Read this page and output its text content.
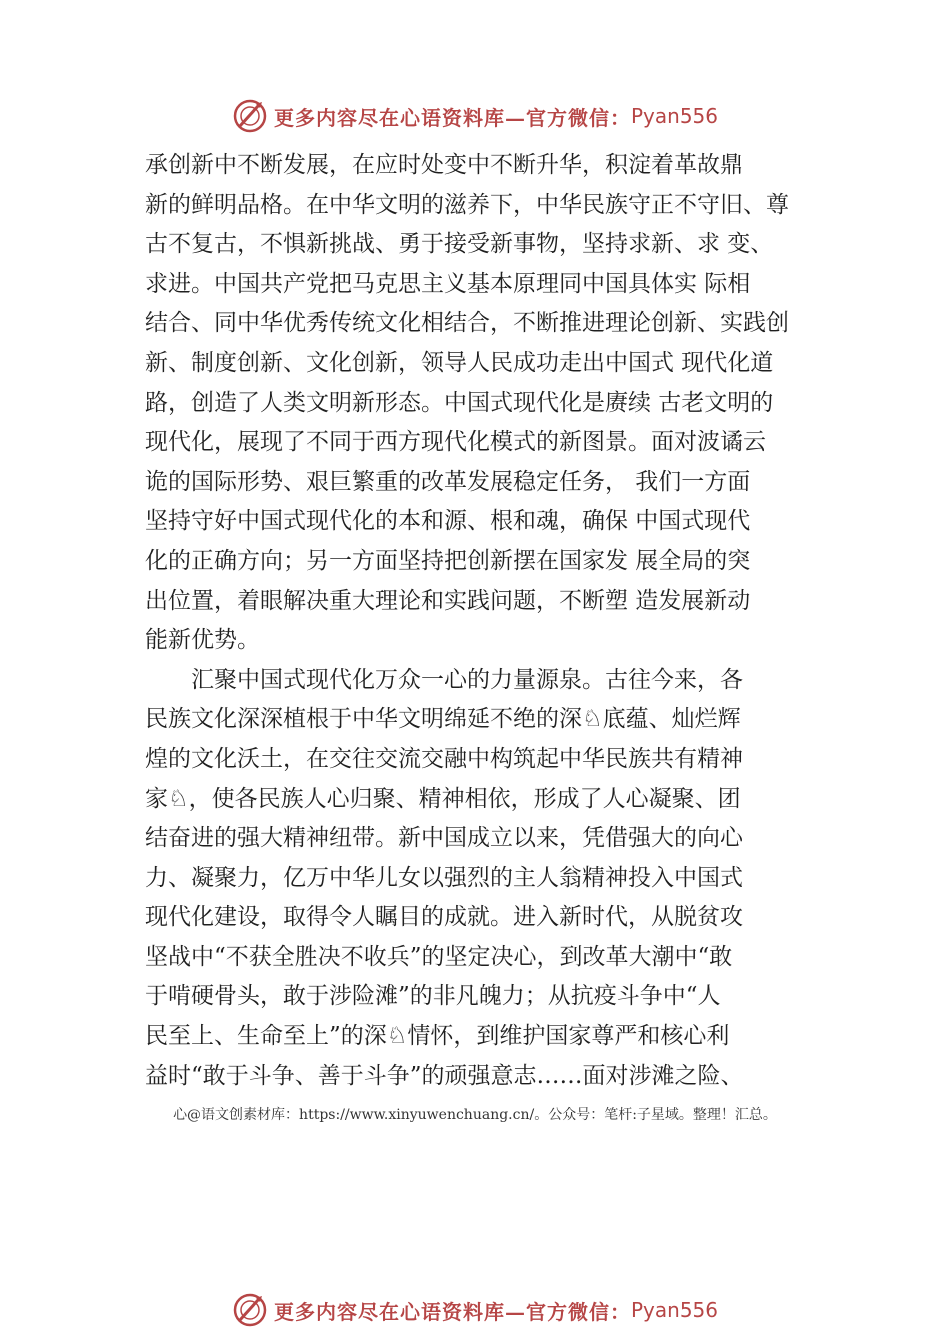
更多内容尽在心语资料库 —官方微信： Pyan556
承创新中不断发展，在应时处变中不断升华，积淀着革故鼎
新的鲜明品格。在中华文明的滋养下，中华民族守正不守旧、尊
古不复古，不惧新挑战、勇于接受新事物，坚持求新、求 变、
求进。中国共产党把马克思主义基本原理同中国具体实 际相
结合、同中华优秀传统文化相结合，不断推进理论创新、实践创
新、制度创新、文化创新，领导人民成功走出中国式 现代化道
路，创造了人类文明新形态。中国式现代化是赓续 古老文明的
现代化，展现了不同于西方现代化模式的新图景。面对波谲云
诡的国际形势、艰巨繁重的改革发展稳定任务， 我们一方面
坚持守好中国式现代化的本和源、根和魂，确保 中国式现代
化的正确方向；另一方面坚持把创新摆在国家发 展全局的突
出位置，着眼解决重大理论和实践问题，不断塑 造发展新动
能新优势。
汇聚中国式现代化万众一心的力量源泉。古往今来，各
民族文化深深植根于中华文明绵延不绝的深♘底蕴、灿烂辉
煌的文化沃土，在交往交流交融中构筑起中华民族共有精神
家♘，使各民族人心归聚、精神相依，形成了人心凝聚、团
结奋进的强大精神纽带。新中国成立以来，凭借强大的向心
力、凝聚力，亿万中华儿女以强烈的主人翁精神投入中国式
现代化建设，取得令人瞩目的成就。进入新时代，从脱贫攻
坚战中“不获全胜决不收兵”的坚定决心，到改革大潮中“敢
于啃硬骨头，敢于涉险滩”的非凡魄力；从抗疫斗争中“人
民至上、生命至上”的深♘情怀，到维护国家尊严和核心利
益时“敢于斗争、善于斗争”的顽强意志……面对涉滩之险、
心@语文创素材库：https://www.xinyuwenchuang.cn/。公众号：笔杆:子星域。整理！汇总。
更多内容尽在心语资料库 —官方微信： Pyan556
